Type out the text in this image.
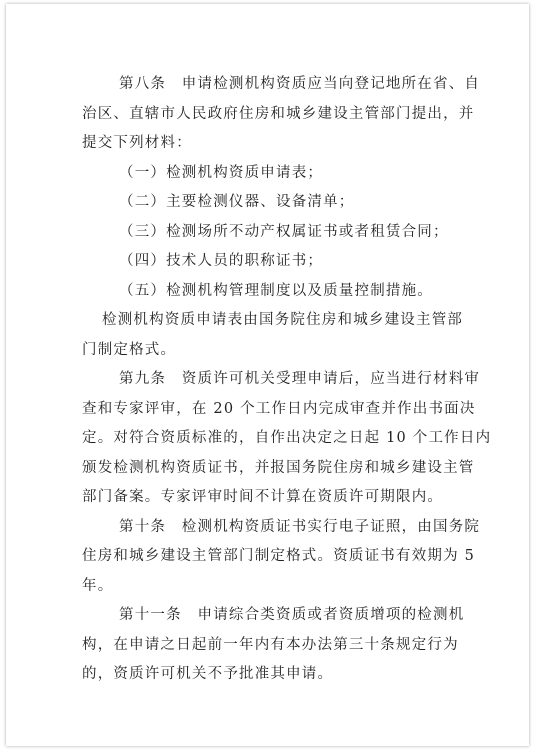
第八条　申请检测机构资质应当向登记地所在省、自
治区、直辖市人民政府住房和城乡建设主管部门提出，并
提交下列材料：
（一）检测机构资质申请表；
（二）主要检测仪器、设备清单；
（三）检测场所不动产权属证书或者租赁合同；
（四）技术人员的职称证书；
（五）检测机构管理制度以及质量控制措施。
检测机构资质申请表由国务院住房和城乡建设主管部
门制定格式。
第九条　资质许可机关受理申请后，应当进行材料审
查和专家评审，在 20 个工作日内完成审查并作出书面决
定。对符合资质标准的，自作出决定之日起 10 个工作日内
颁发检测机构资质证书，并报国务院住房和城乡建设主管
部门备案。专家评审时间不计算在资质许可期限内。
第十条　检测机构资质证书实行电子证照，由国务院
住房和城乡建设主管部门制定格式。资质证书有效期为 5
年。
第十一条　申请综合类资质或者资质增项的检测机
构，在申请之日起前一年内有本办法第三十条规定行为
的，资质许可机关不予批准其申请。
